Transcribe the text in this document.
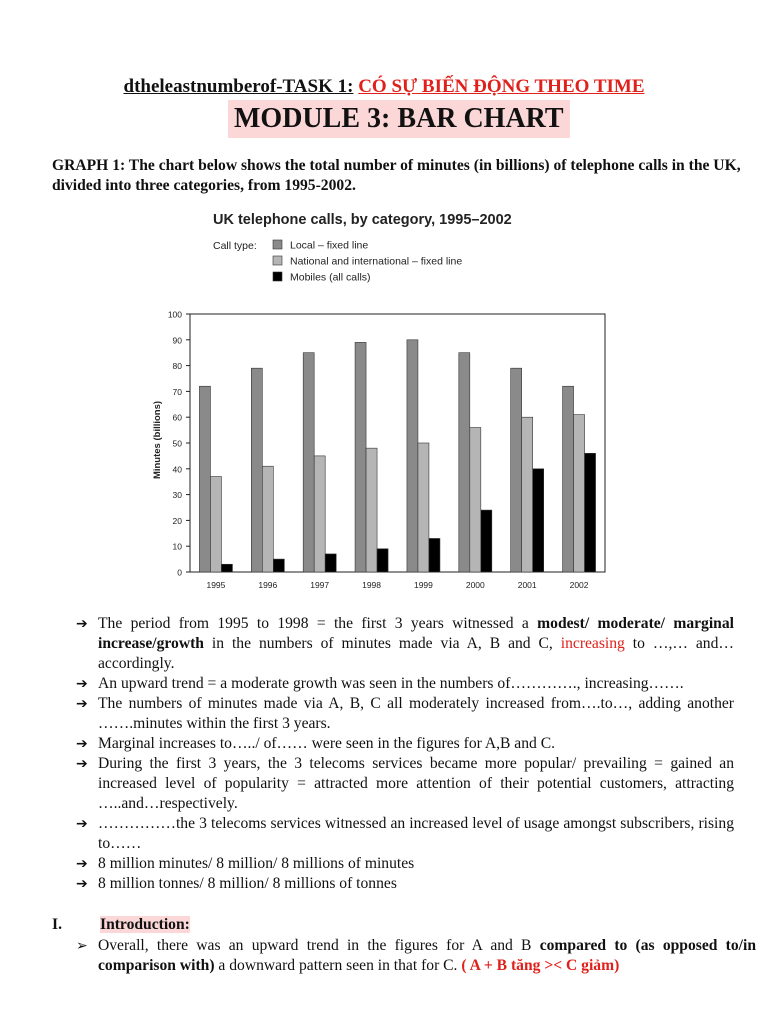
dtheleastnumberof-TASK 1: CÓ SỰ BIẾN ĐỘNG THEO TIME
MODULE 3: BAR CHART
GRAPH 1: The chart below shows the total number of minutes (in billions) of telephone calls in the UK, divided into three categories, from 1995-2002.
UK telephone calls, by category, 1995–2002
Call type:	Local – fixed line
National and international – fixed line
Mobiles (all calls)
0
10
20
30
40
50
60
70
80
90
100
1995	1996	1997	1998	1999	2000	2001	2002
Minutes (billions)
➔ The period from 1995 to 1998 = the first 3 years witnessed a modest/ moderate/ marginal increase/growth in the numbers of minutes made via A, B and C, increasing to …,… and…accordingly.
➔ An upward trend = a moderate growth was seen in the numbers of…………., increasing…….
➔ The numbers of minutes made via A, B, C all moderately increased from….to…, adding another …….minutes within the first 3 years.
➔ Marginal increases to…../ of…… were seen in the figures for A,B and C.
➔ During the first 3 years, the 3 telecoms services became more popular/ prevailing = gained an increased level of popularity = attracted more attention of their potential customers, attracting …..and…respectively.
➔ ……………the 3 telecoms services witnessed an increased level of usage amongst subscribers, rising to……
➔ 8 million minutes/ 8 million/ 8 millions of minutes
➔ 8 million tonnes/ 8 million/ 8 millions of tonnes
I. Introduction:
➢ Overall, there was an upward trend in the figures for A and B compared to (as opposed to/in comparison with) a downward pattern seen in that for C. ( A + B tăng >< C giảm)
